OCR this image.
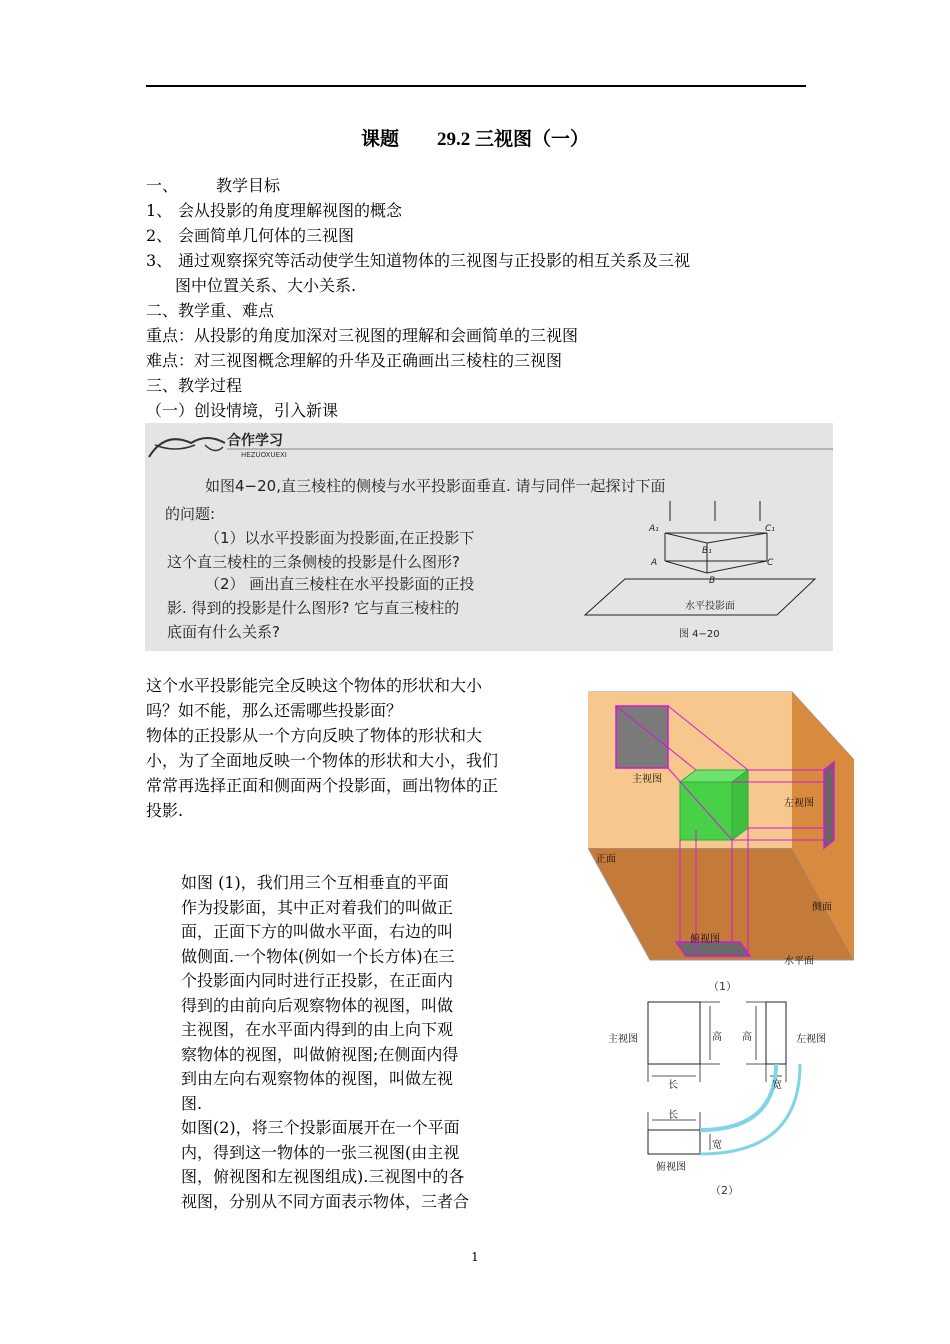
课题 29.2 三视图（一）
一、 教学目标
1、 会从投影的角度理解视图的概念
2、 会画简单几何体的三视图
3、 通过观察探究等活动使学生知道物体的三视图与正投影的相互关系及三视
图中位置关系、大小关系.
二、教学重、难点
重点：从投影的角度加深对三视图的理解和会画简单的三视图
难点：对三视图概念理解的升华及正确画出三棱柱的三视图
三、教学过程
（一）创设情境，引入新课
合作学习
HEZUOXUEXI
如图4−20,直三棱柱的侧棱与水平投影面垂直. 请与同伴一起探讨下面
的问题:
（1）以水平投影面为投影面,在正投影下
这个直三棱柱的三条侧棱的投影是什么图形?
（2） 画出直三棱柱在水平投影面的正投
影. 得到的投影是什么图形? 它与直三棱柱的
底面有什么关系?
A₁
B₁
C₁
A
B
C
水平投影面
图 4−20
这个水平投影能完全反映这个物体的形状和大小
吗？如不能，那么还需哪些投影面？
物体的正投影从一个方向反映了物体的形状和大
小，为了全面地反映一个物体的形状和大小，我们
常常再选择正面和侧面两个投影面，画出物体的正
投影.
如图 (1)，我们用三个互相垂直的平面
作为投影面，其中正对着我们的叫做正
面，正面下方的叫做水平面，右边的叫
做侧面.一个物体(例如一个长方体)在三
个投影面内同时进行正投影，在正面内
得到的由前向后观察物体的视图，叫做
主视图，在水平面内得到的由上向下观
察物体的视图，叫做俯视图;在侧面内得
到由左向右观察物体的视图，叫做左视
图.
如图(2)，将三个投影面展开在一个平面
内，得到这一物体的一张三视图(由主视
图，俯视图和左视图组成).三视图中的各
视图，分别从不同方面表示物体，三者合
主视图
左视图
正面
侧面
俯视图
水平面
（1）
主视图	左视图
俯视图
高 高
长	宽
长
宽
（2）
1
